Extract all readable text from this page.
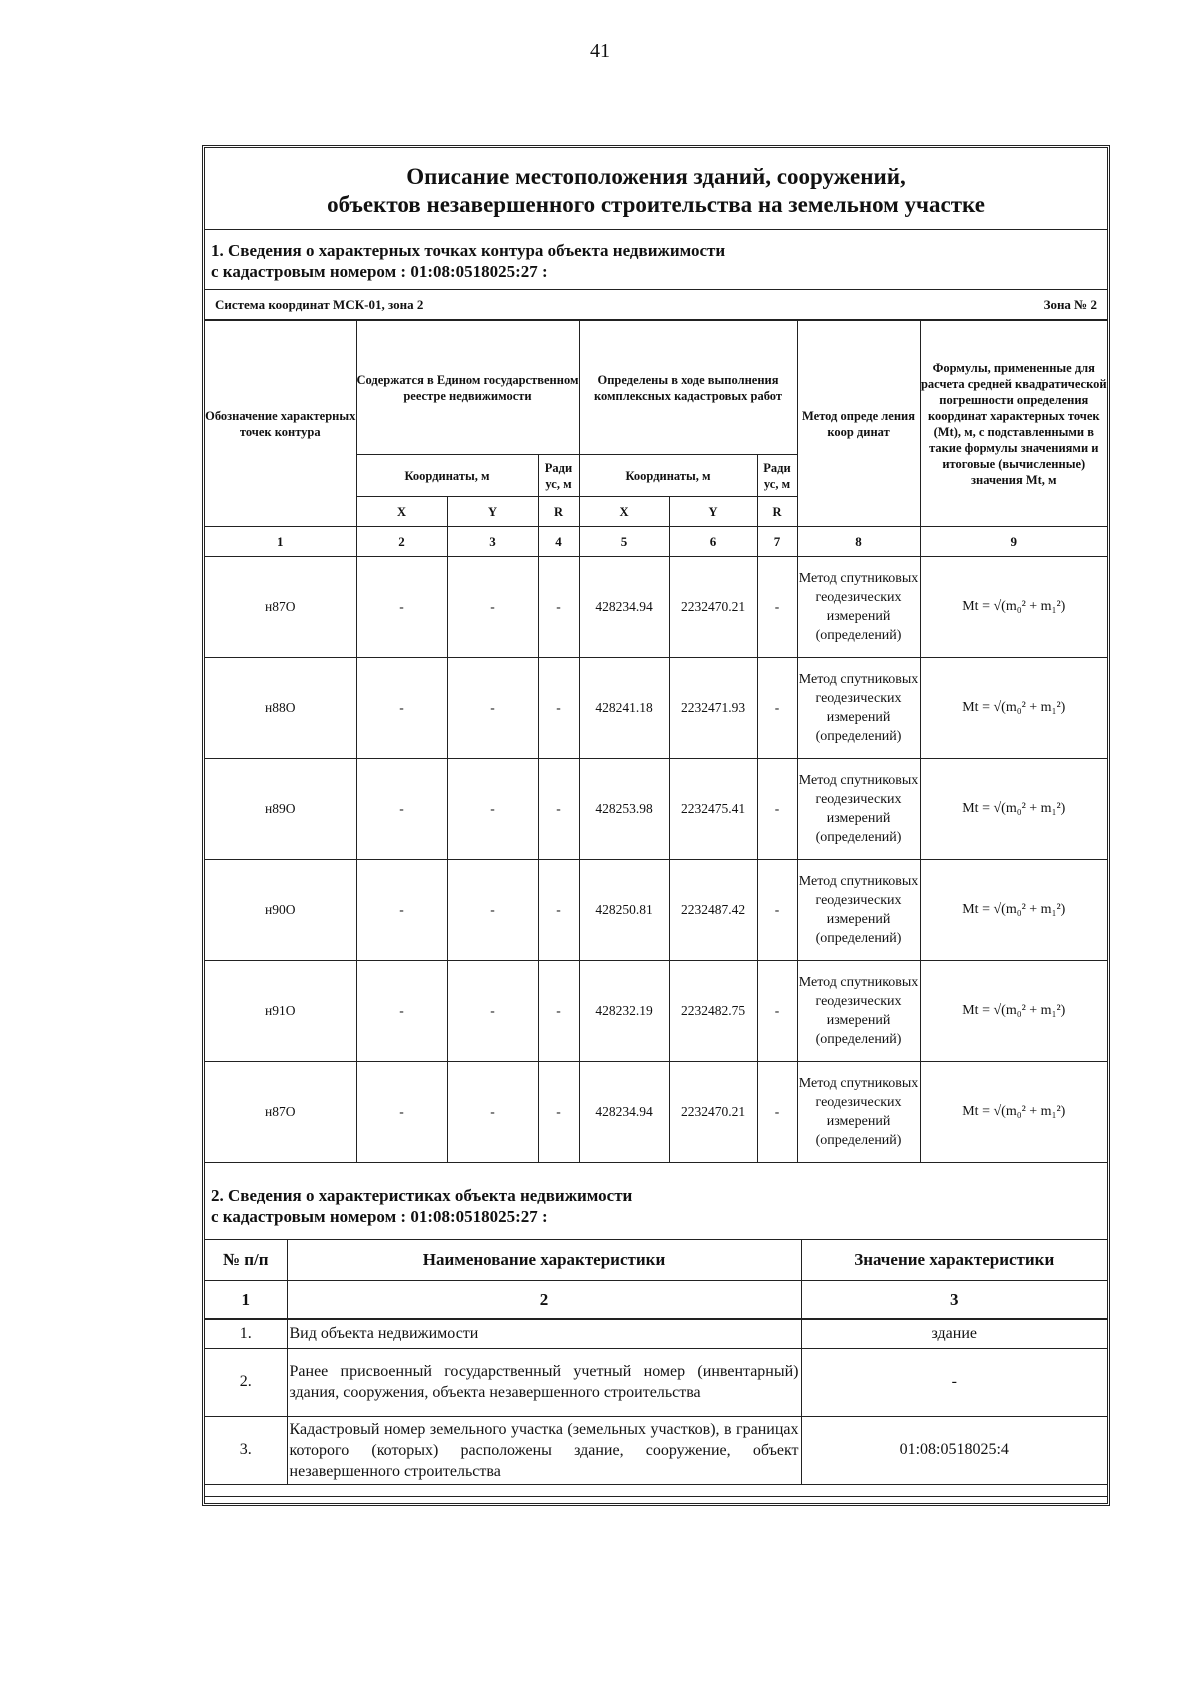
41
Описание местоположения зданий, сооружений,
объектов незавершенного строительства на земельном участке
1. Сведения о характерных точках контура объекта недвижимости
с кадастровым номером : 01:08:0518025:27 :
Система координат МСК-01, зона 2	Зона № 2
Обозначение характерных точек контура	Содержатся в Едином государственном реестре недвижимости			Определены в ходе выполнения комплексных кадастровых работ			Метод опреде ления коор динат	Формулы, примененные для расчета средней квадратической погрешности определения координат характерных точек (Mt), м, с подставленными в такие формулы значениями и итоговые (вычисленные) значения Mt, м
	Координаты, м		Ради ус, м	Координаты, м		Ради ус, м		
	X	Y	R	X	Y	R		
1	2	3	4	5	6	7	8	9
н87О	-	-	-	428234.94	2232470.21	-	Метод спутниковых геодезических измерений (определений)	Mt = √(m₀² + m₁²)
н88О	-	-	-	428241.18	2232471.93	-	Метод спутниковых геодезических измерений (определений)	Mt = √(m₀² + m₁²)
н89О	-	-	-	428253.98	2232475.41	-	Метод спутниковых геодезических измерений (определений)	Mt = √(m₀² + m₁²)
н90О	-	-	-	428250.81	2232487.42	-	Метод спутниковых геодезических измерений (определений)	Mt = √(m₀² + m₁²)
н91О	-	-	-	428232.19	2232482.75	-	Метод спутниковых геодезических измерений (определений)	Mt = √(m₀² + m₁²)
н87О	-	-	-	428234.94	2232470.21	-	Метод спутниковых геодезических измерений (определений)	Mt = √(m₀² + m₁²)
2. Сведения о характеристиках объекта недвижимости
с кадастровым номером : 01:08:0518025:27 :
№ п/п	Наименование характеристики	Значение характеристики
1	2	3
1.	Вид объекта недвижимости	здание
2.	Ранее присвоенный государственный учетный номер (инвентарный) здания, сооружения, объекта незавершенного строительства	-
3.	Кадастровый номер земельного участка (земельных участков), в границах которого (которых) расположены здание, сооружение, объект незавершенного строительства	01:08:0518025:4
